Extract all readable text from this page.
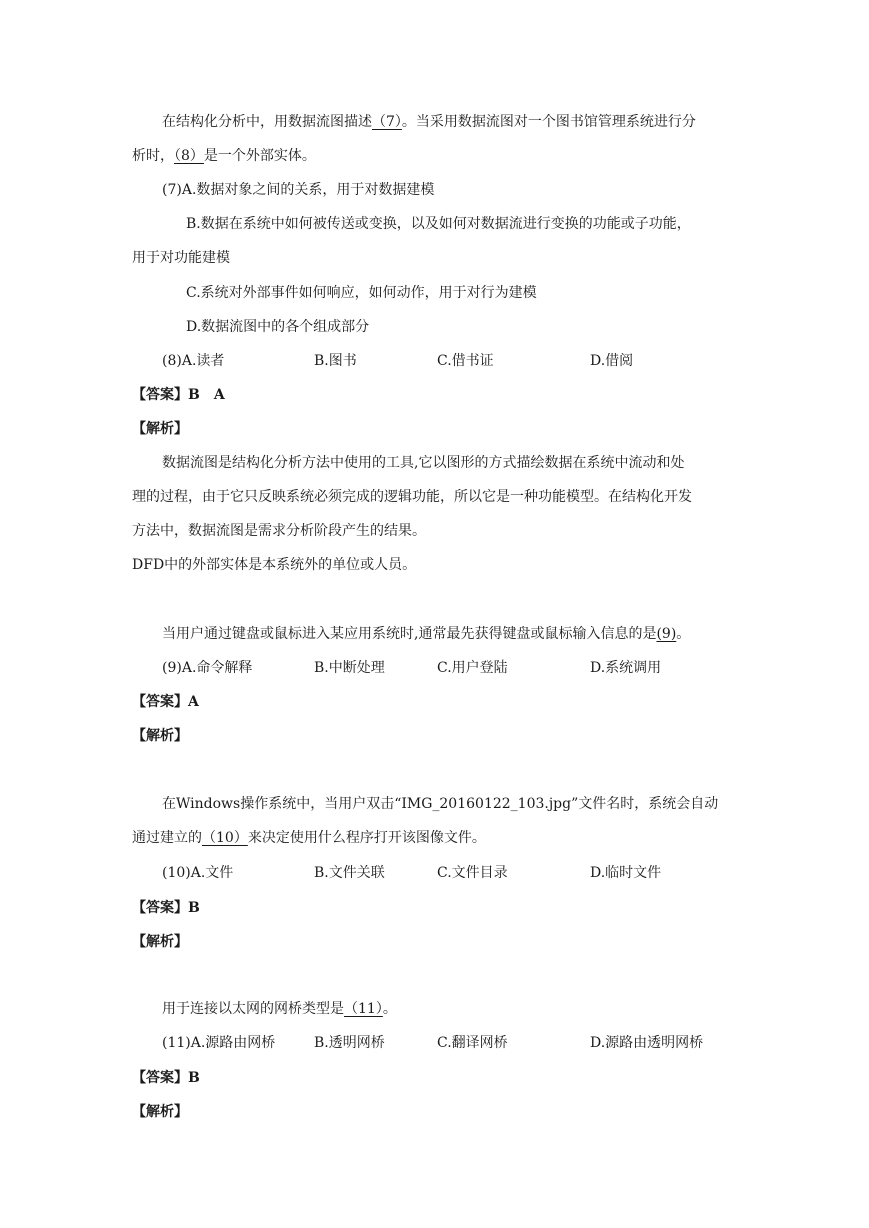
在结构化分析中，用数据流图描述（7）。当采用数据流图对一个图书馆管理系统进行分
析时，（8）是一个外部实体。
(7)A.数据对象之间的关系，用于对数据建模
B.数据在系统中如何被传送或变换，以及如何对数据流进行变换的功能或子功能，
用于对功能建模
C.系统对外部事件如何响应，如何动作，用于对行为建模
D.数据流图中的各个组成部分
(8)A.读者	B.图书	C.借书证	D.借阅
【答案】B　A
【解析】
数据流图是结构化分析方法中使用的工具,它以图形的方式描绘数据在系统中流动和处
理的过程，由于它只反映系统必须完成的逻辑功能，所以它是一种功能模型。在结构化开发
方法中，数据流图是需求分析阶段产生的结果。
DFD中的外部实体是本系统外的单位或人员。
当用户通过键盘或鼠标进入某应用系统时,通常最先获得键盘或鼠标输入信息的是(9)。
(9)A.命令解释	B.中断处理	C.用户登陆	D.系统调用
【答案】A
【解析】
在Windows操作系统中，当用户双击“IMG_20160122_103.jpg”文件名时，系统会自动
通过建立的（10）来决定使用什么程序打开该图像文件。
(10)A.文件	B.文件关联	C.文件目录	D.临时文件
【答案】B
【解析】
用于连接以太网的网桥类型是（11）。
(11)A.源路由网桥	B.透明网桥	C.翻译网桥	D.源路由透明网桥
【答案】B
【解析】
